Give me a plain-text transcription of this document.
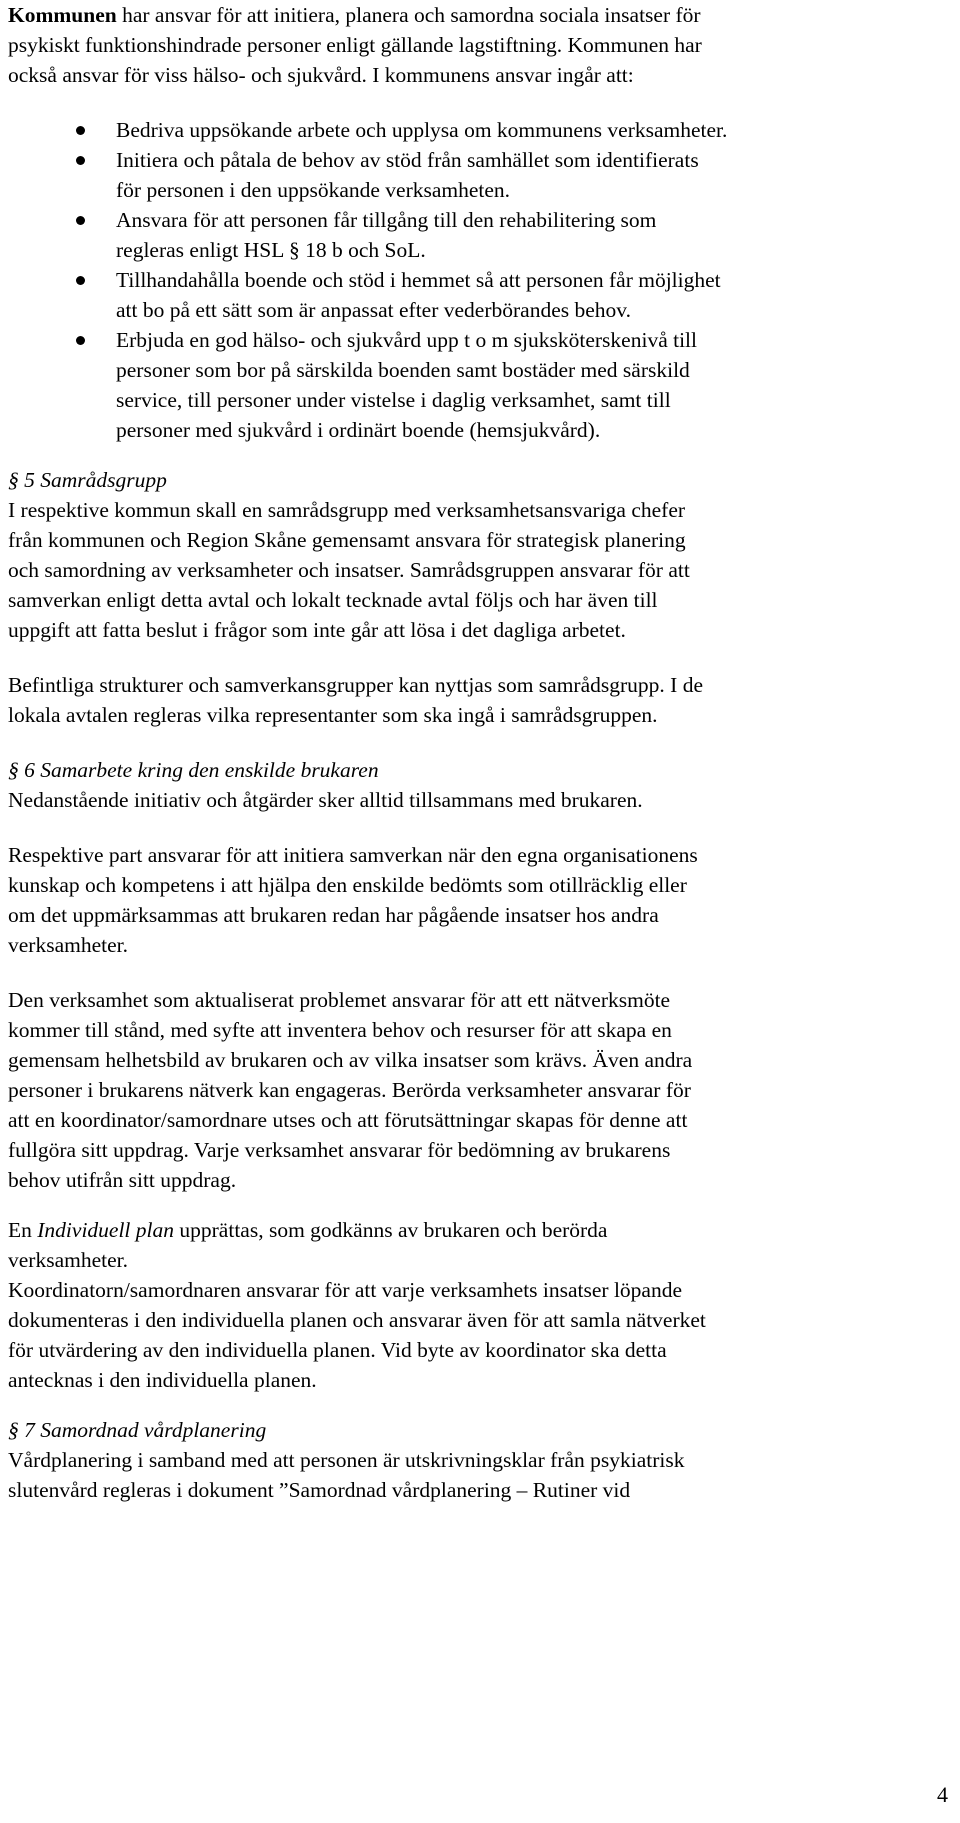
Kommunen har ansvar för att initiera, planera och samordna sociala insatser för
psykiskt funktionshindrade personer enligt gällande lagstiftning. Kommunen har
också ansvar för viss hälso- och sjukvård. I kommunens ansvar ingår att:
Bedriva uppsökande arbete och upplysa om kommunens verksamheter.
Initiera och påtala de behov av stöd från samhället som identifierats
för personen i den uppsökande verksamheten.
Ansvara för att personen får tillgång till den rehabilitering som
regleras enligt HSL § 18 b och SoL.
Tillhandahålla boende och stöd i hemmet så att personen får möjlighet
att bo på ett sätt som är anpassat efter vederbörandes behov.
Erbjuda en god hälso- och sjukvård upp t o m sjuksköterskenivå till
personer som bor på särskilda boenden samt bostäder med särskild
service, till personer under vistelse i daglig verksamhet, samt till
personer med sjukvård i ordinärt boende (hemsjukvård).
§ 5 Samrådsgrupp
I respektive kommun skall en samrådsgrupp med verksamhetsansvariga chefer
från kommunen och Region Skåne gemensamt ansvara för strategisk planering
och samordning av verksamheter och insatser. Samrådsgruppen ansvarar för att
samverkan enligt detta avtal och lokalt tecknade avtal följs och har även till
uppgift att fatta beslut i frågor som inte går att lösa i det dagliga arbetet.
Befintliga strukturer och samverkansgrupper kan nyttjas som samrådsgrupp. I de
lokala avtalen regleras vilka representanter som ska ingå i samrådsgruppen.
§ 6 Samarbete kring den enskilde brukaren
Nedanstående initiativ och åtgärder sker alltid tillsammans med brukaren.
Respektive part ansvarar för att initiera samverkan när den egna organisationens
kunskap och kompetens i att hjälpa den enskilde bedömts som otillräcklig eller
om det uppmärksammas att brukaren redan har pågående insatser hos andra
verksamheter.
Den verksamhet som aktualiserat problemet ansvarar för att ett nätverksmöte
kommer till stånd, med syfte att inventera behov och resurser för att skapa en
gemensam helhetsbild av brukaren och av vilka insatser som krävs. Även andra
personer i brukarens nätverk kan engageras. Berörda verksamheter ansvarar för
att en koordinator/samordnare utses och att förutsättningar skapas för denne att
fullgöra sitt uppdrag. Varje verksamhet ansvarar för bedömning av brukarens
behov utifrån sitt uppdrag.
En Individuell plan upprättas, som godkänns av brukaren och berörda
verksamheter.
Koordinatorn/samordnaren ansvarar för att varje verksamhets insatser löpande
dokumenteras i den individuella planen och ansvarar även för att samla nätverket
för utvärdering av den individuella planen. Vid byte av koordinator ska detta
antecknas i den individuella planen.
§ 7 Samordnad vårdplanering
Vårdplanering i samband med att personen är utskrivningsklar från psykiatrisk
slutenvård regleras i dokument ”Samordnad vårdplanering – Rutiner vid
4
